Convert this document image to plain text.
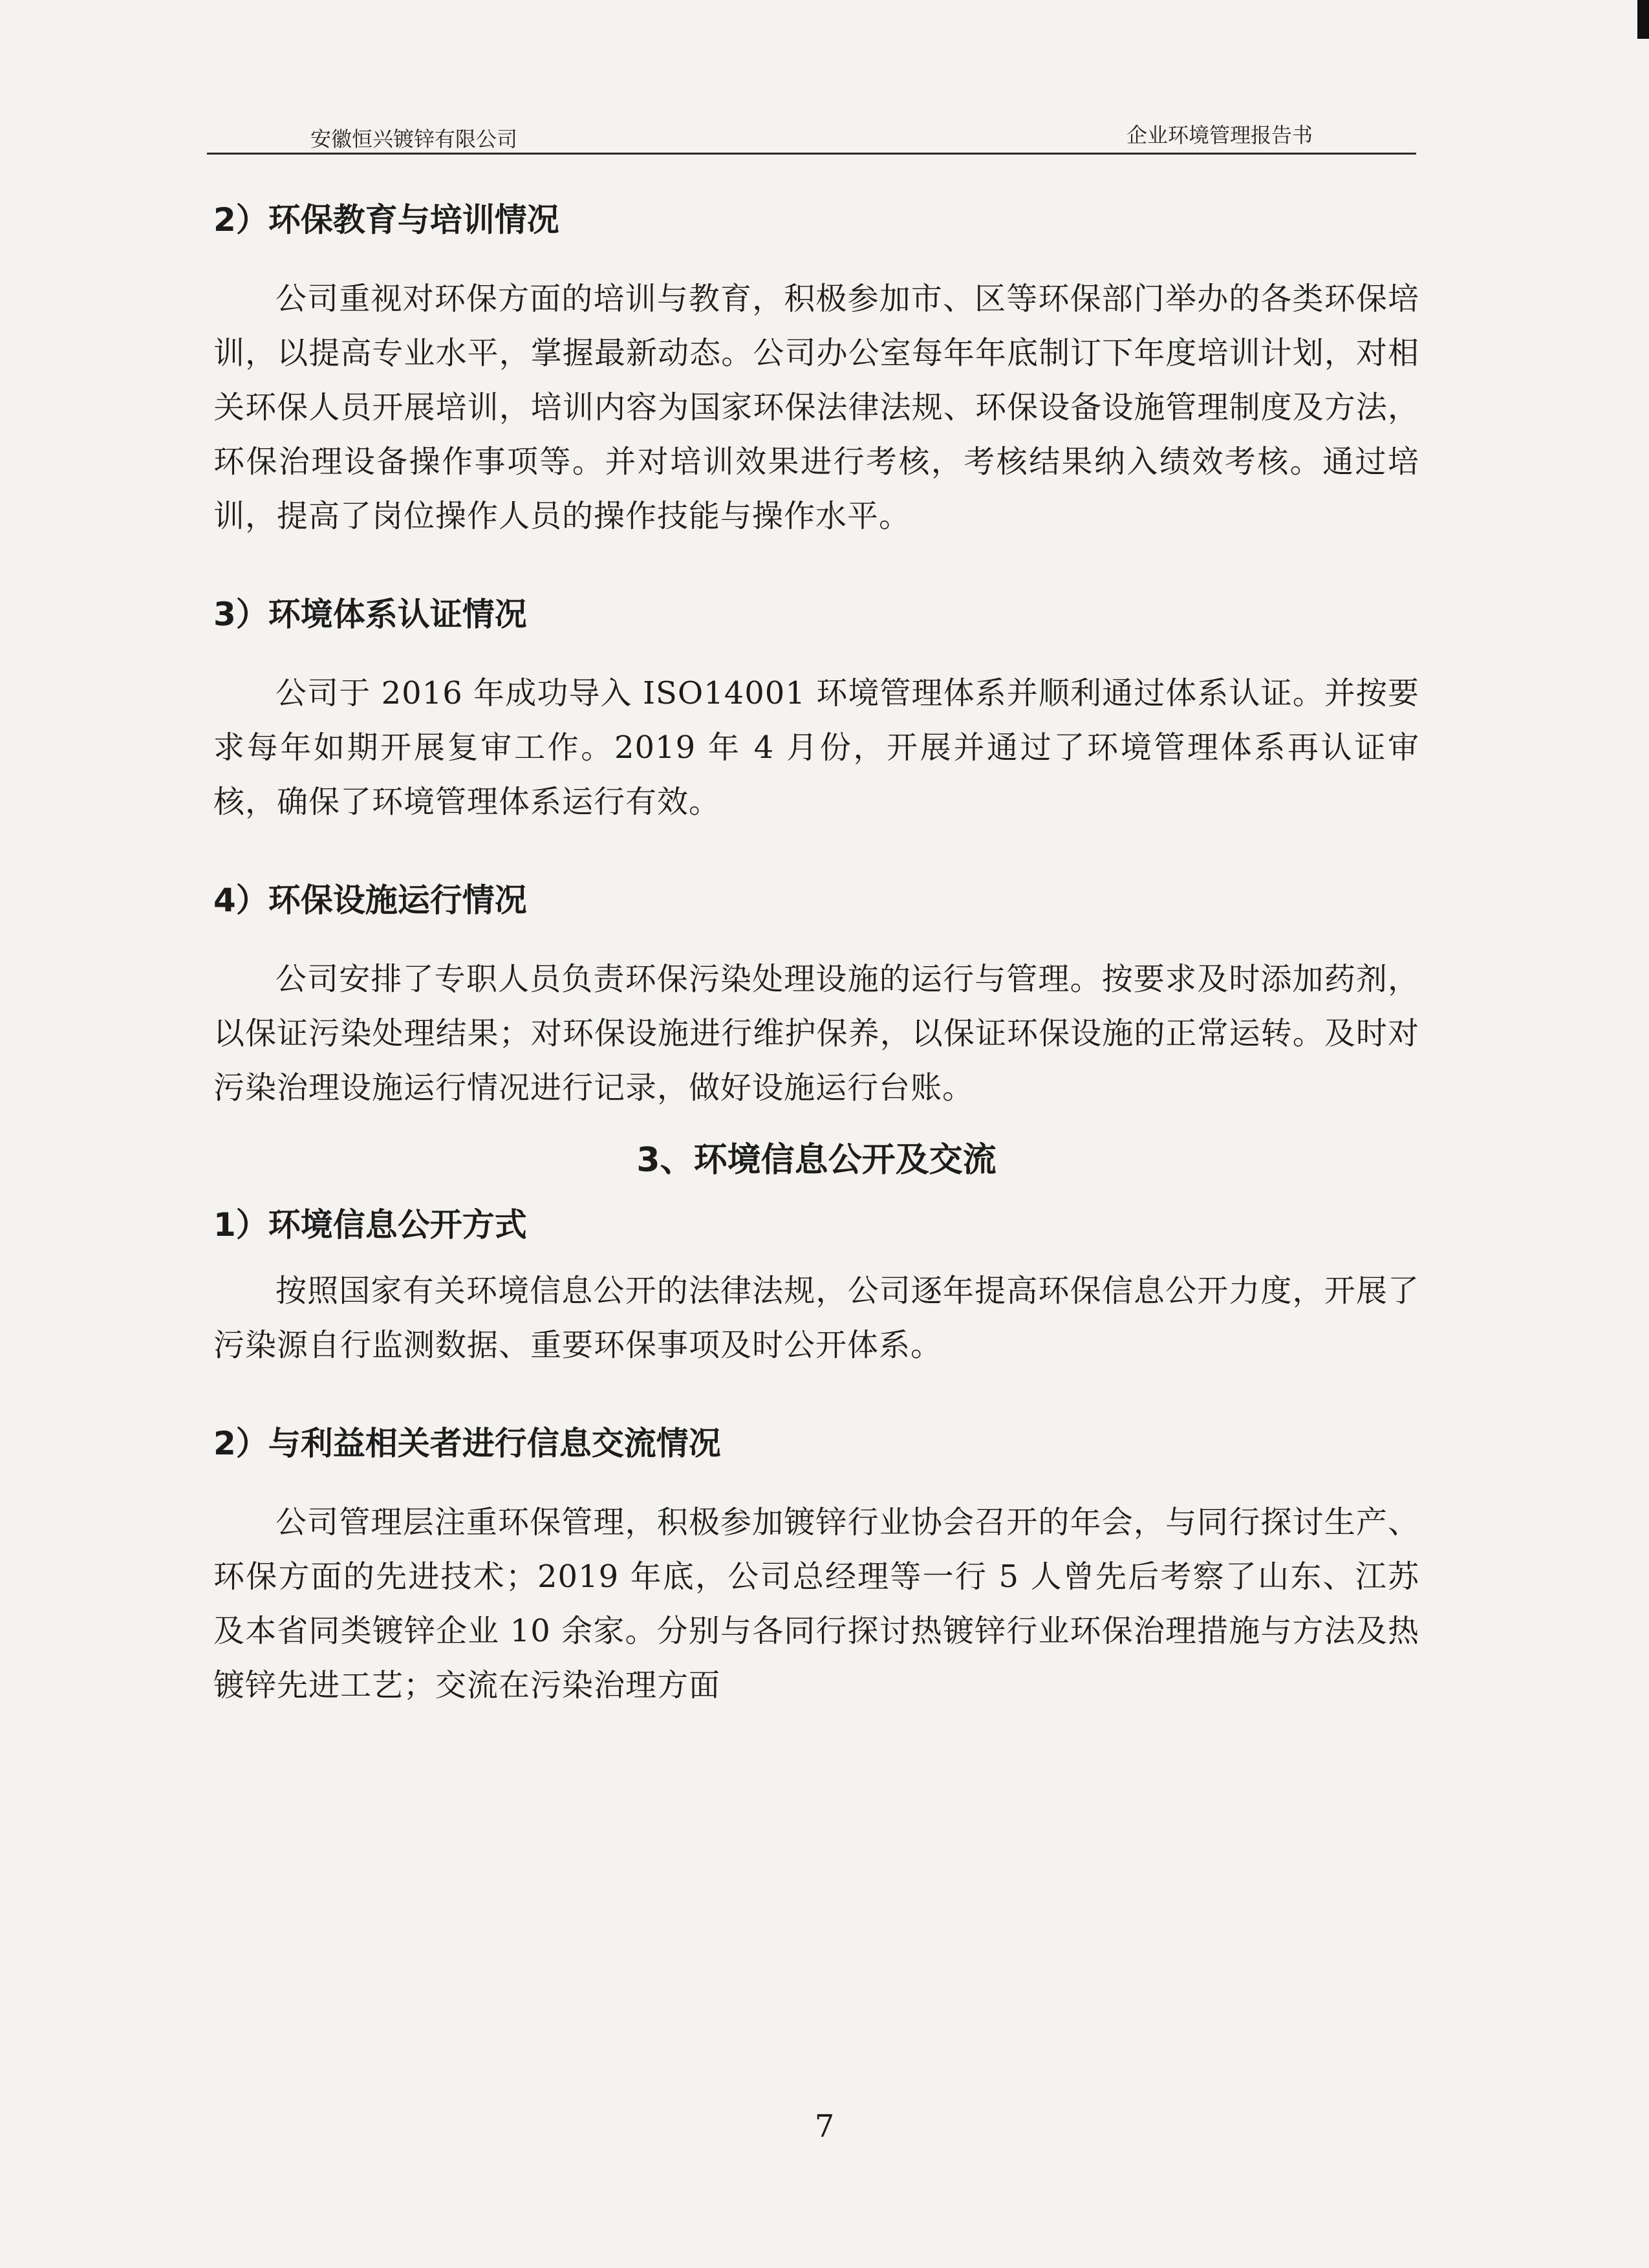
安徽恒兴镀锌有限公司	企业环境管理报告书
2）环保教育与培训情况

公司重视对环保方面的培训与教育，积极参加市、区等环保部门举办的各类环保培训，以提高专业水平，掌握最新动态。公司办公室每年年底制订下年度培训计划，对相关环保人员开展培训，培训内容为国家环保法律法规、环保设备设施管理制度及方法，环保治理设备操作事项等。并对培训效果进行考核，考核结果纳入绩效考核。通过培训，提高了岗位操作人员的操作技能与操作水平。

3）环境体系认证情况

公司于 2016 年成功导入 ISO14001 环境管理体系并顺利通过体系认证。并按要求每年如期开展复审工作。2019 年 4 月份，开展并通过了环境管理体系再认证审核，确保了环境管理体系运行有效。

4）环保设施运行情况

公司安排了专职人员负责环保污染处理设施的运行与管理。按要求及时添加药剂，以保证污染处理结果；对环保设施进行维护保养，以保证环保设施的正常运转。及时对污染治理设施运行情况进行记录，做好设施运行台账。

3、环境信息公开及交流
1）环境信息公开方式

按照国家有关环境信息公开的法律法规，公司逐年提高环保信息公开力度，开展了污染源自行监测数据、重要环保事项及时公开体系。

2）与利益相关者进行信息交流情况

公司管理层注重环保管理，积极参加镀锌行业协会召开的年会，与同行探讨生产、环保方面的先进技术；2019 年底，公司总经理等一行 5 人曾先后考察了山东、江苏及本省同类镀锌企业 10 余家。分别与各同行探讨热镀锌行业环保治理措施与方法及热镀锌先进工艺；交流在污染治理方面

7
